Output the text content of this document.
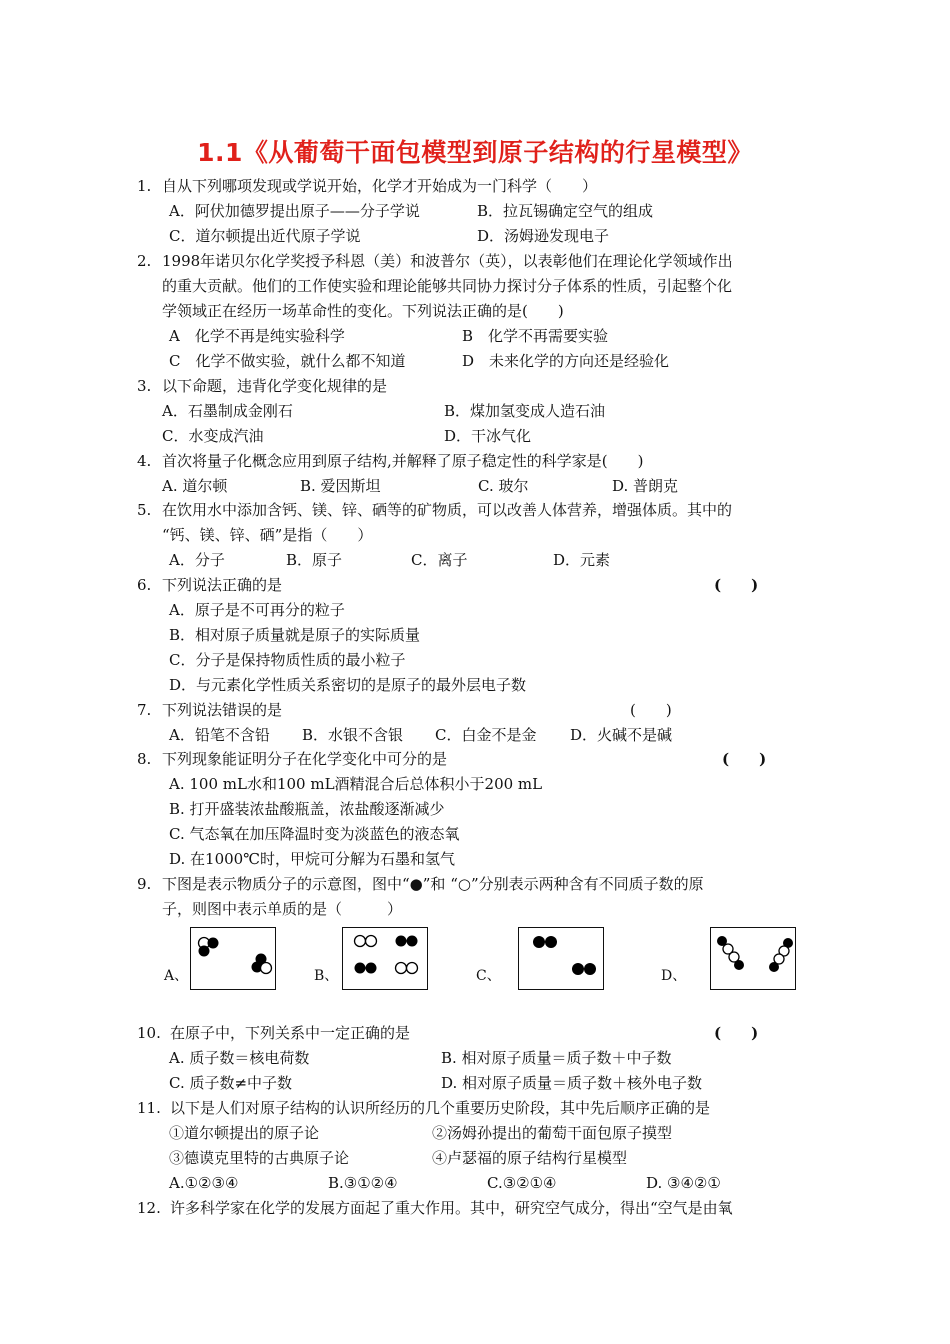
1.1《从葡萄干面包模型到原子结构的行星模型》
1. 自从下列哪项发现或学说开始，化学才开始成为一门科学（　　）
A．阿伏加德罗提出原子——分子学说	B．拉瓦锡确定空气的组成
C．道尔顿提出近代原子学说	D．汤姆逊发现电子
2. 1998年诺贝尔化学奖授予科恩（美）和波普尔（英），以表彰他们在理论化学领域作出
的重大贡献。他们的工作使实验和理论能够共同协力探讨分子体系的性质，引起整个化
学领域正在经历一场革命性的变化。下列说法正确的是(　　)
A　化学不再是纯实验科学	B　化学不再需要实验
C　化学不做实验，就什么都不知道	D　未来化学的方向还是经验化
3. 以下命题，违背化学变化规律的是
A．石墨制成金刚石	B．煤加氢变成人造石油
C．水变成汽油	D．干冰气化
4. 首次将量子化概念应用到原子结构,并解释了原子稳定性的科学家是(　　)
A. 道尔顿	B. 爱因斯坦	C. 玻尔	D. 普朗克
5. 在饮用水中添加含钙、镁、锌、硒等的矿物质，可以改善人体营养，增强体质。其中的
“钙、镁、锌、硒”是指（　　）
A．分子	B．原子	C．离子	D．元素
6. 下列说法正确的是	(　　)
A．原子是不可再分的粒子
B．相对原子质量就是原子的实际质量
C．分子是保持物质性质的最小粒子
D．与元素化学性质关系密切的是原子的最外层电子数
7. 下列说法错误的是	(　　)
A．铅笔不含铅 B．水银不含银 C．白金不是金 D．火碱不是碱
8. 下列现象能证明分子在化学变化中可分的是	(　　)
A. 100 mL水和100 mL酒精混合后总体积小于200 mL
B. 打开盛装浓盐酸瓶盖，浓盐酸逐渐减少
C. 气态氧在加压降温时变为淡蓝色的液态氧
D. 在1000℃时，甲烷可分解为石墨和氢气
9. 下图是表示物质分子的示意图，图中“●”和 “○”分别表示两种含有不同质子数的原
子，则图中表示单质的是（　　　）
A、	B、	C、	D、
10. 在原子中，下列关系中一定正确的是	(　　)
A. 质子数＝核电荷数	B. 相对原子质量＝质子数＋中子数
C. 质子数≠中子数	D. 相对原子质量＝质子数＋核外电子数
11. 以下是人们对原子结构的认识所经历的几个重要历史阶段，其中先后顺序正确的是
①道尔顿提出的原子论	②汤姆孙提出的葡萄干面包原子摸型
③德谟克里特的古典原子论	④卢瑟福的原子结构行星模型
A.①②③④	B.③①②④	C.③②①④	D. ③④②①
12. 许多科学家在化学的发展方面起了重大作用。其中，研究空气成分，得出“空气是由氧
